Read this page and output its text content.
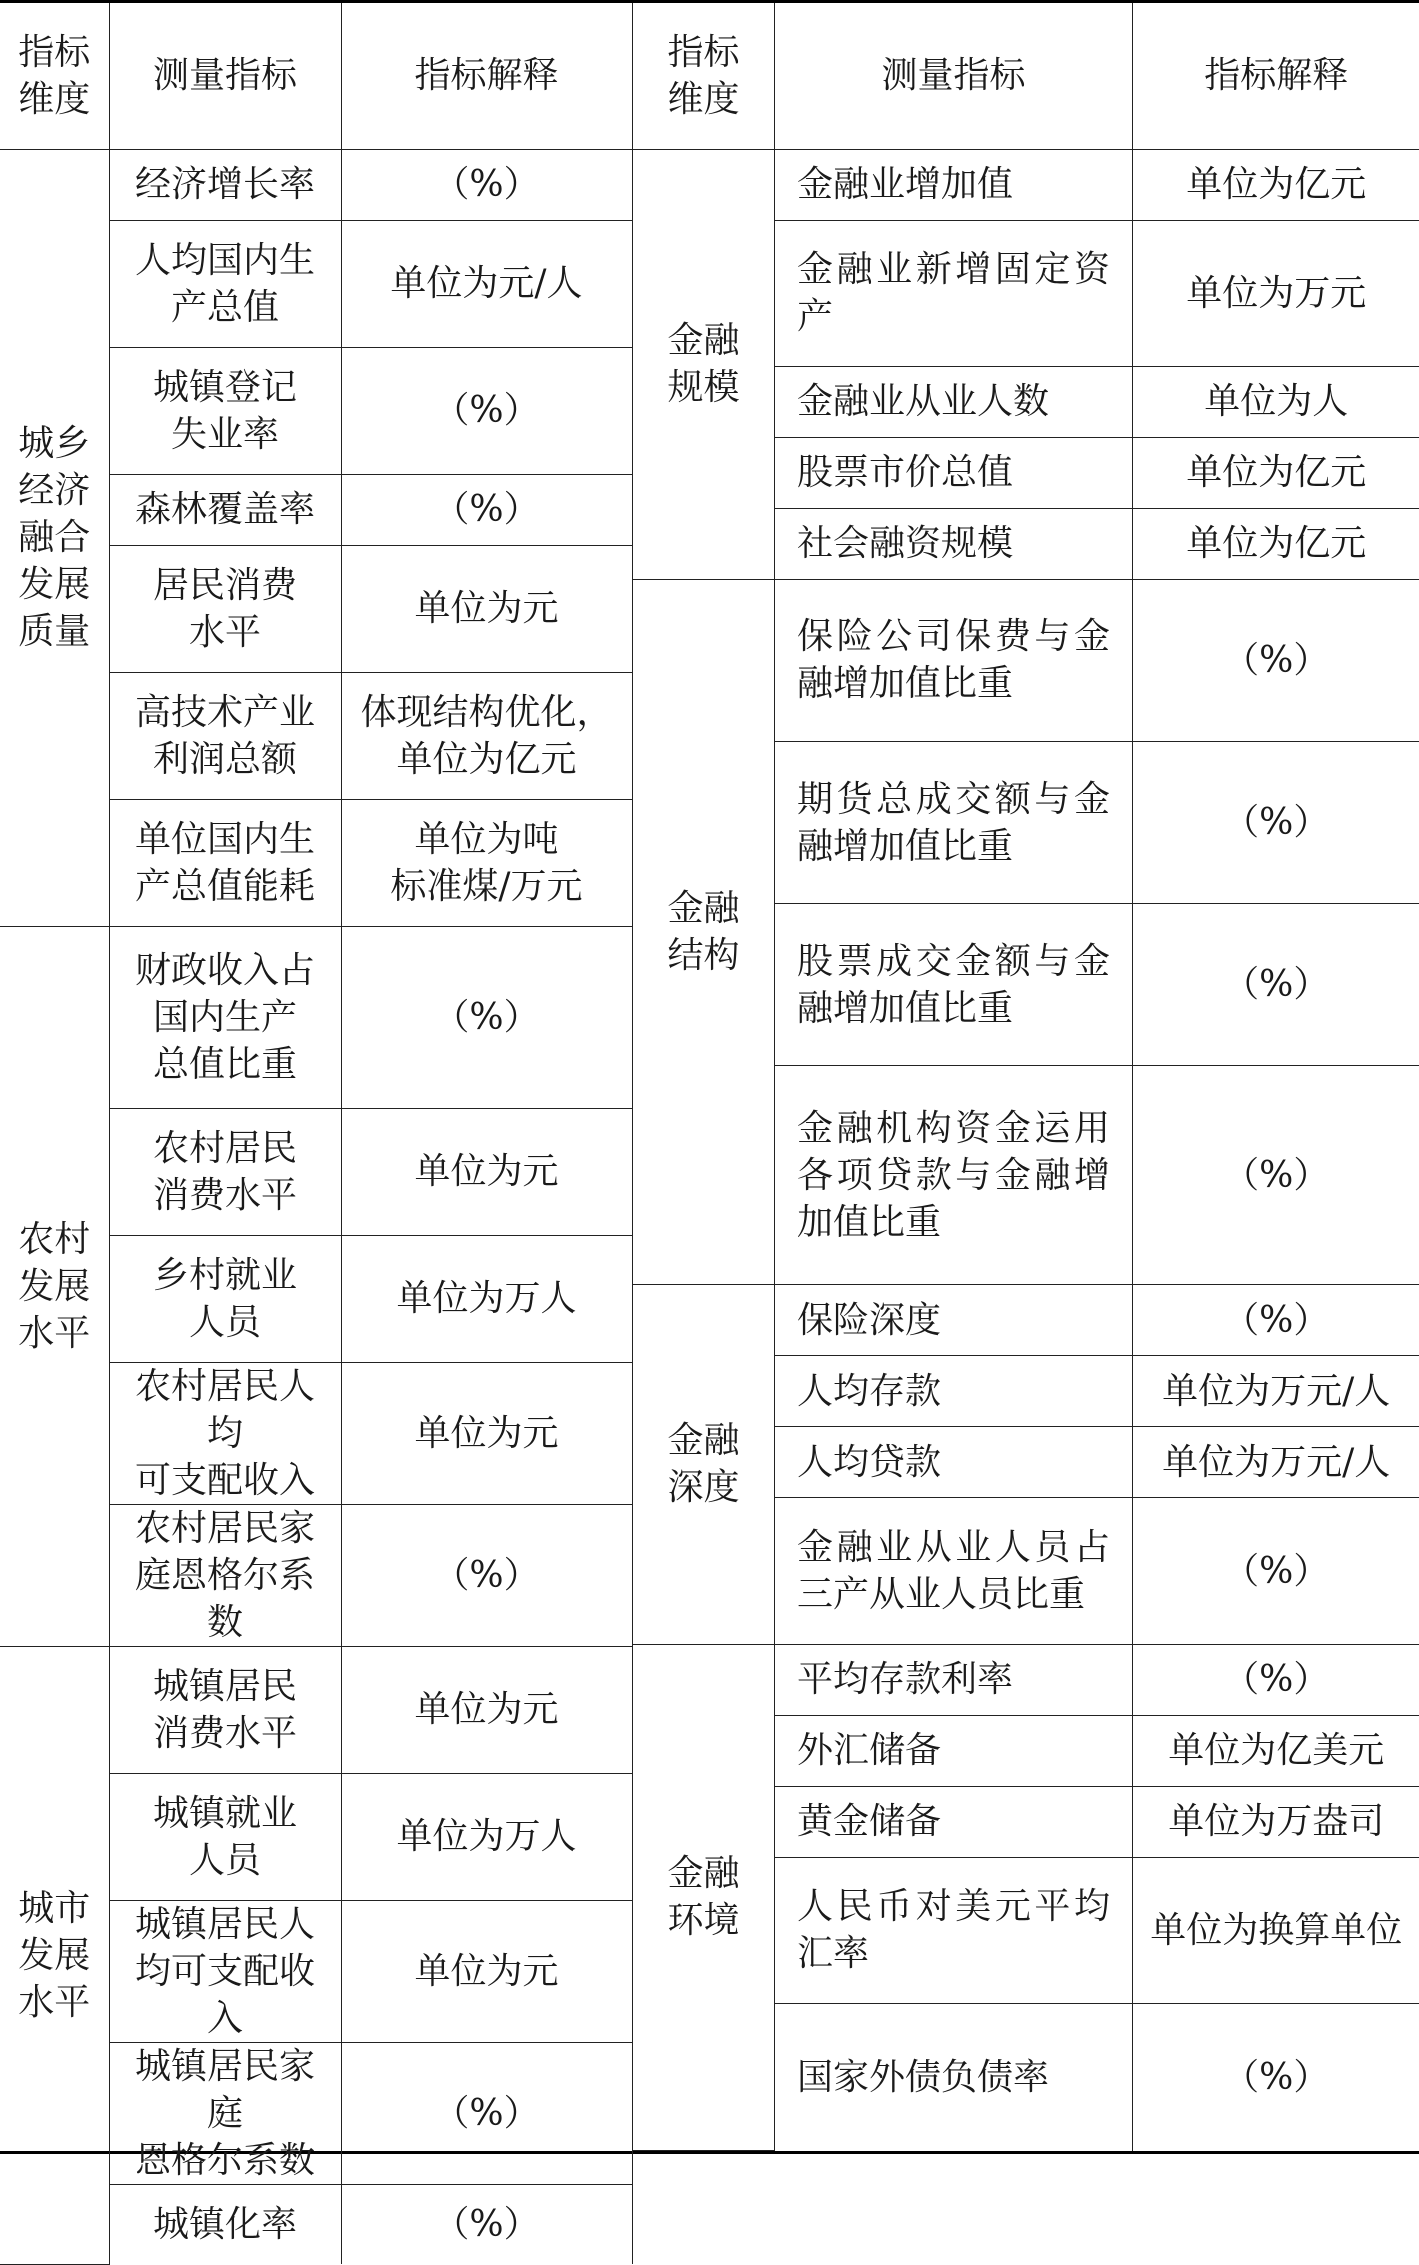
指标
维度	测量指标	指标解释
城乡
经济
融合
发展
质量	经济增长率	（%）
	人均国内生
产总值	单位为元/人
	城镇登记
失业率	（%）
	森林覆盖率	（%）
	居民消费
水平	单位为元
	高技术产业
利润总额	体现结构优化，
单位为亿元
	单位国内生
产总值能耗	单位为吨
标准煤/万元
农村
发展
水平	财政收入占
国内生产
总值比重	（%）
	农村居民
消费水平	单位为元
	乡村就业
人员	单位为万人
	农村居民人均
可支配收入	单位为元
	农村居民家
庭恩格尔系数	（%）
城市
发展
水平	城镇居民
消费水平	单位为元
	城镇就业
人员	单位为万人
	城镇居民人
均可支配收入	单位为元
	城镇居民家庭
恩格尔系数	（%）
	城镇化率	（%）
指标
维度	测量指标	指标解释
金融
规模	金融业增加值	单位为亿元
	金融业新增固定资产	单位为万元
	金融业从业人数	单位为人
	股票市价总值	单位为亿元
	社会融资规模	单位为亿元
金融
结构	保险公司保费与金融增加值比重	（%）
	期货总成交额与金融增加值比重	（%）
	股票成交金额与金融增加值比重	（%）
	金融机构资金运用各项贷款与金融增加值比重	（%）
金融
深度	保险深度	（%）
	人均存款	单位为万元/人
	人均贷款	单位为万元/人
	金融业从业人员占三产从业人员比重	（%）
金融
环境	平均存款利率	（%）
	外汇储备	单位为亿美元
	黄金储备	单位为万盎司
	人民币对美元平均汇率	单位为换算单位
	国家外债负债率	（%）
